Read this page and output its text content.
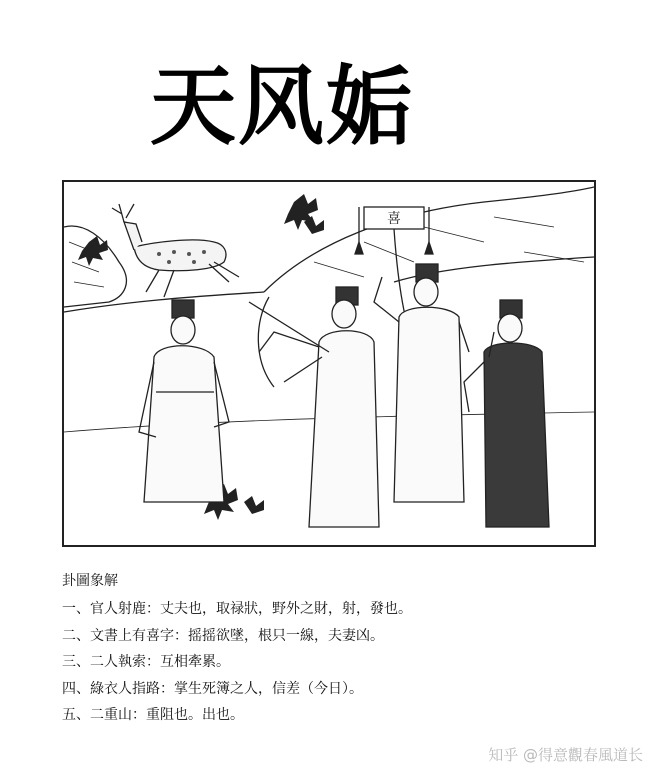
天风姤
喜
卦圖象解
一、官人射鹿：丈夫也，取禄狀，野外之財，射，發也。
二、文書上有喜字：摇摇欲墜，根只一線，夫妻凶。
三、二人執索：互相牽累。
四、綠衣人指路：掌生死簿之人，信差（今日）。
五、二重山：重阻也。出也。
知乎 @得意觀春風道长
